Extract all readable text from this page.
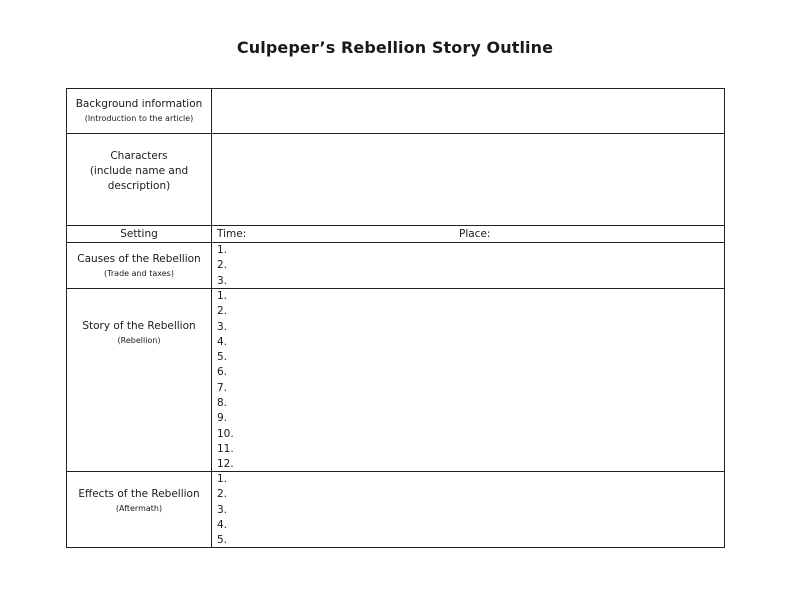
Culpeper’s Rebellion Story Outline
Background information
(Introduction to the article)
Characters
(include name and
description)
Setting	Time:	Place:
Causes of the Rebellion
(Trade and taxes)
1.
2.
3.
Story of the Rebellion
(Rebellion)
1.
2.
3.
4.
5.
6.
7.
8.
9.
10.
11.
12.
Effects of the Rebellion
(Aftermath)
1.
2.
3.
4.
5.
